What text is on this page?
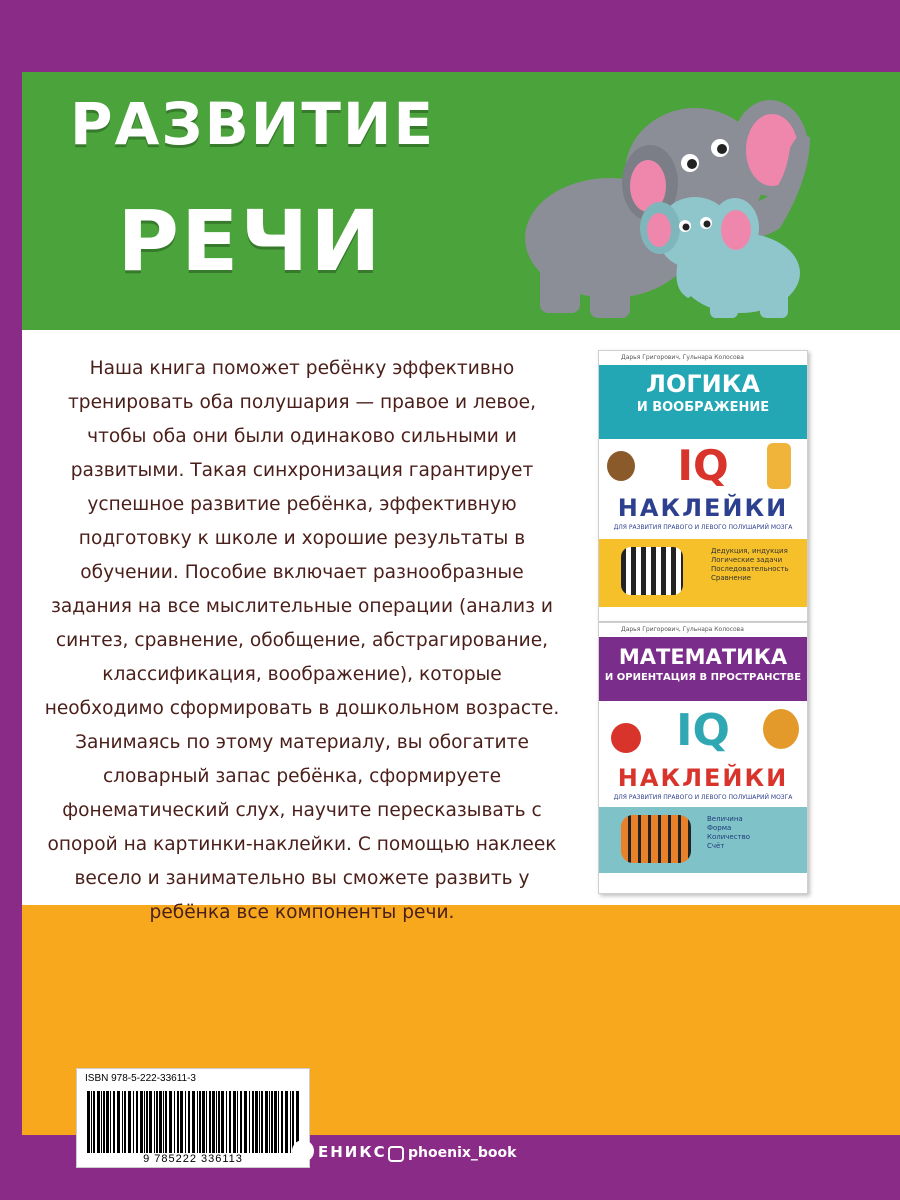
РАЗВИТИЕ
РЕЧИ
Наша книга поможет ребёнку эффективно тренировать оба полушария — правое и левое, чтобы оба они были одинаково сильными и развитыми. Такая синхронизация гарантирует успешное развитие ребёнка, эффективную подготовку к школе и хорошие результаты в обучении. Пособие включает разнообразные задания на все мыслительные операции (анализ и синтез, сравнение, обобщение, абстрагирование, классификация, воображение), которые необходимо сформировать в дошкольном возрасте. Занимаясь по этому материалу, вы обогатите словарный запас ребёнка, сформируете фонематический слух, научите пересказывать с опорой на картинки-наклейки. С помощью наклеек весело и занимательно вы сможете развить у ребёнка все компоненты речи.
Дарья Григорович, Гульнара Колосова
ЛОГИКА
И ВООБРАЖЕНИЕ
IQ
НАКЛЕЙКИ
ДЛЯ РАЗВИТИЯ ПРАВОГО И ЛЕВОГО ПОЛУШАРИЙ МОЗГА
Дедукция, индукция
Логические задачи
Последовательность
Сравнение
Дарья Григорович, Гульнара Колосова
МАТЕМАТИКА
И ОРИЕНТАЦИЯ В ПРОСТРАНСТВЕ
IQ
НАКЛЕЙКИ
ДЛЯ РАЗВИТИЯ ПРАВОГО И ЛЕВОГО ПОЛУШАРИЙ МОЗГА
Величина
Форма
Количество
Счёт
ISBN 978-5-222-33611-3
9 785222 336113	ЕНИКС phoenix_book
